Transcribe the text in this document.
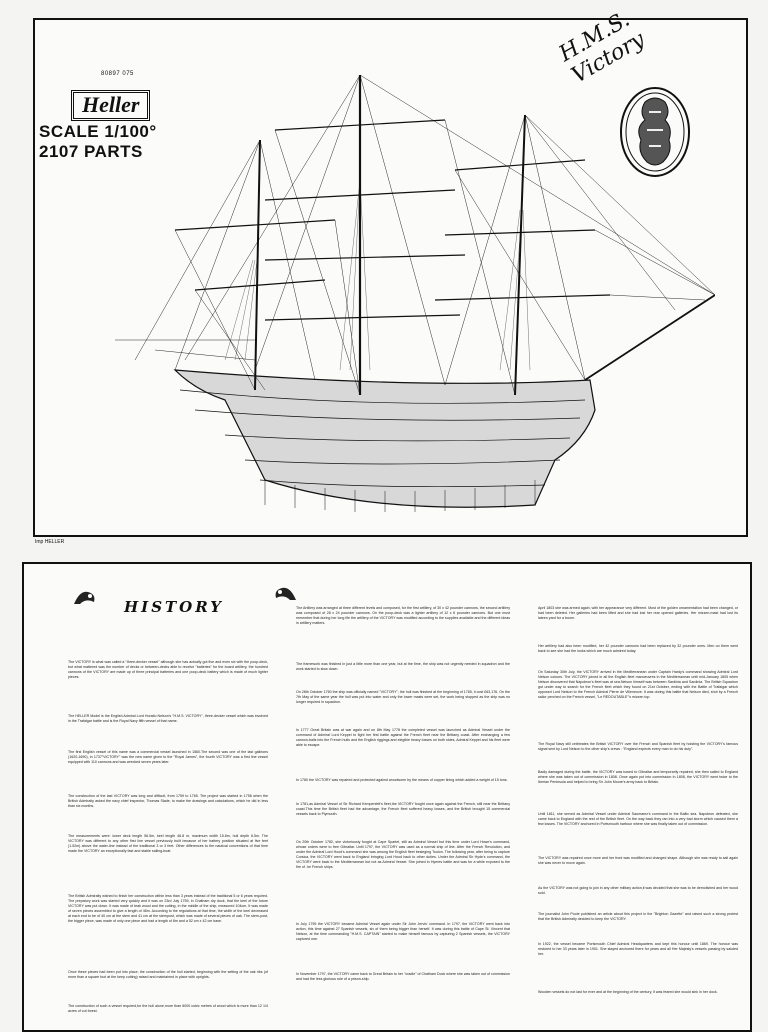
80897 075
Heller
SCALE 1/100°
2107 PARTS
H.M.S. Victory
Imp HELLER
HISTORY
The VICTORY is what was called a "three-decker vessel" although she has actually got five and even six with the poop-deck, but what mattered was the number of decks or between-decks able to receive "batteries" for the board artillery, the hundred cannons of the VICTORY are made up of three principal batteries and one poop-deck battery which is made of much lighter pieces.
The HELLER Model is the English Admiral Lord Horatio Nelson's "H.M.S. VICTORY", three-decker vessel which was involved in the Trafalgar battle and is the Royal Navy fifth vessel of that name.
The first English vessel of this name was a commercial vessel launched in 1560.The second was one of the last galleons (1620-1690), in 1737"VICTORY" was the new name given to the "Royal James", the fourth VICTORY was a first line vessel equipped with 110 cannons and was wrecked seven years later.
The construction of the last VICTORY was long and difficult, from 1759 to 1765. The project was started in 1758 when the British Admiralty asked the navy chief inspector, Thomas Slade, to make the drawings and calculations, which he did in less than six months.
The measurements were: lower deck length 56.5m, keel length 46.8 m, maximum width 15.8m, hull depth 6.5m. The VICTORY was different to any other first line vessel previously built because of her battery position situated at five feet (1.52m) above the water-line instead of the traditional 3 or 3 feet. Other differences to the nautical conventions of that time made the VICTORY an exceptionally fast and stable sailing-boat.
The British Admiralty wished to finish her construction within less than 3 years instead of the traditional 5 or 6 years required. The prepatory work was started very quickly and it was on 23rd July 1759, in Chatham dry dock, that the keel of the future VICTORY was put down. It was made of teak wood and the cutting, in the middle of the ship, measured 104cm. It was made of seven pieces assembled to give a length of 46m. According to the regulations at that time, the width of the keel decreased at each end to be of 40 cm at the stem and 41 cm at the sternpost, which was made of several pieces of oak. The stern-post, the bigger piece, was made of only one piece and had a length of 8m and a 52 cm x 42 cm base.
Once these pieces had been put into place, the construction of the hull started, beginning with the setting of the oak ribs (of more than a square foot at the keep cutting) raised and maintained in place with uprights.
The construction of such a vessel required,for the hull alone,more than 6000 cubic metres of wood which is more than 12 1/4 acres of cut forest.
The Artillery was arranged at three different levels and composed, for the first artillery, of 30 x 42 pounder cannons, the second artillery was composed of 28 x 24 pounder cannons. On the poop-deck was a lighter artillery of 12 x 6 pounder cannons. But one must remember that during her long life the artillery of the VICTORY was modified according to the supplies available and the different ideas in artillery matters.
The framework was finished in just a little more than one year, but at the time, the ship was not urgently needed in squadron and the work started to slow down.
On 28th October 1760 the ship was officially named "VICTORY", the hull was finished at the beginning of 1765, it cost £63,176. On the 7th May of the same year the hull was put into water and only the lower masts were set, the work being stopped as the ship was no longer required in squadron.
In 1777 Great Britain was at war again and on 8th May 1778 the completed vessel was launched as Admiral Vessel under the command of Admiral Lord Keppel to fight her first battle against the French fleet near the Brittany coast. After exchanging a few cannon-balls into the French hulls and the English riggings and elegible heavy losses on both sides, Admiral Keppel and his fleet were able to escape.
In 1780 the VICTORY was repaired and protected against woodworm by the means of copper lining which added a weight of 15 tons.
In 1781,as Admiral Vessel of Sir Richard Kempenfelt's fleet,the VICTORY fought once again against the French, still near the Brittany coast.This time the British fleet had the advantage, the French fleet suffered heavy losses, and the British brought 15 commercial vessels back to Plymouth.
On 20th October 1782, she victoriously fought at Cape Spartel, still as Admiral Vessel but this time under Lord Howe's command, whose orders were to free Gibraltar. Until 1797, the VICTORY was used as a normal ship of line. After the French Revolution, and under the Admiral Lord Hood's command she was among the English fleet besieging Toulon. The following year, after being to capture Corsica, the VICTORY went back to England bringing Lord Hood back to other duties. Under the Admiral Sir Hyde's command, the VICTORY went back to the Mediterranean but not as Admiral Vessel. She joined in Hyeres battle and was for a while exposed to the fire of .he French ships.
In July 1795 the VICTORY became Admiral Vessel again under Sir John Jervis' command. In 1797, the VICTORY went back into action, this time against 27 Spanish vessels, six of them being bigger than herself. It was during this battle of Cape St. Vincent that Nelson, at the time commanding "H.M.S. CAPTAIN" started to make himself famous by capturing 2 Spanish vessels, the VICTORY captured one.
In November 1797, the VICTORY came back to Great Britain to her "cradle" of Chatham Dock where she was taken out of commission and had the less glorious role of a prison-ship.
April 1803 she was armed again, with her appearance very different. Most of the golden ornamentation had been changed, or had been deleted. Her galleries had been lifted and she had lost her rear opened galleries. Her mizzen-mast had lost its lateen yard for a boom.
Her artillery had also been modified, her 42 pounder cannons had been replaced by 32 pounder ones. Men on them went back to see she had the looks which are much admired today.
On Saturday 30th July, the VICTORY arrived in the Mediterranean under Captain Hardy's command showing Admiral Lord Nelson colours. The VICTORY joined in all the English fleet manoeuvres in the Mediterranean until mid-January 1805 when Nelson discovered that Napoleon's fleet was at sea.Nelson himself was between Sardinia and Sardinia. The British Squadron got under way to search for the French fleet which they found on 21st October, ending with the Battle of Trafalgar which opposed Lord Nelson to the French Admiral Pierre de Villeneuve. It was during this battle that Nelson died, shot by a French sailor perched on the French vessel, "Le REDOUTABLE"'s mizzen top.
The Royal Navy still celebrates the British VICTORY over the French and Spanish fleet by hoisting the VICTORY's famous signal sent by Lord Nelson to the other ship's crews : "England expects every man to do his duty".
Badly damaged during the battle, the VICTORY was towed to Gibraltar and temporarily repaired, she then sailed to England where she was taken out of commission in 1808. Once again put into commission in 1808, the VICTORY went twice to the Iberian Peninsula and helped to bring Sir John Moore's army back to Britain.
Until 1811, she served as Admiral Vessel under Admiral Saumarez's command in the Baltic sea. Napoleon defeated, she came back to England with the rest of the British fleet. On the way back they ran into a very bad storm which caused them a few losses. The VICTORY anchored in Portsmouth harbour where she was finally taken out of commission.
The VICTORY was repaired once more and her front was modified and changed shape. Although she was ready to sail again she was never to move again.
As the VICTORY was not going to join in any other military action,it was decided that she was to be demolished and her wood sold.
The journalist John Poole published an article about this project in the "Brighton Gazette" and raised such a strong protest that the British Admiralty decided to keep the VICTORY.
In 1922, the vessel became Portsmouth Chief Admiral Headquarters and kept this honour until 1869. The honour was restored to her 33 years later in 1901. She stayed anchored there for years and all Her Majesty's vessels passing by saluted her.
Wooden vessels do not last for ever and at the beginning of the century, it was feared she would sink in her dock.
